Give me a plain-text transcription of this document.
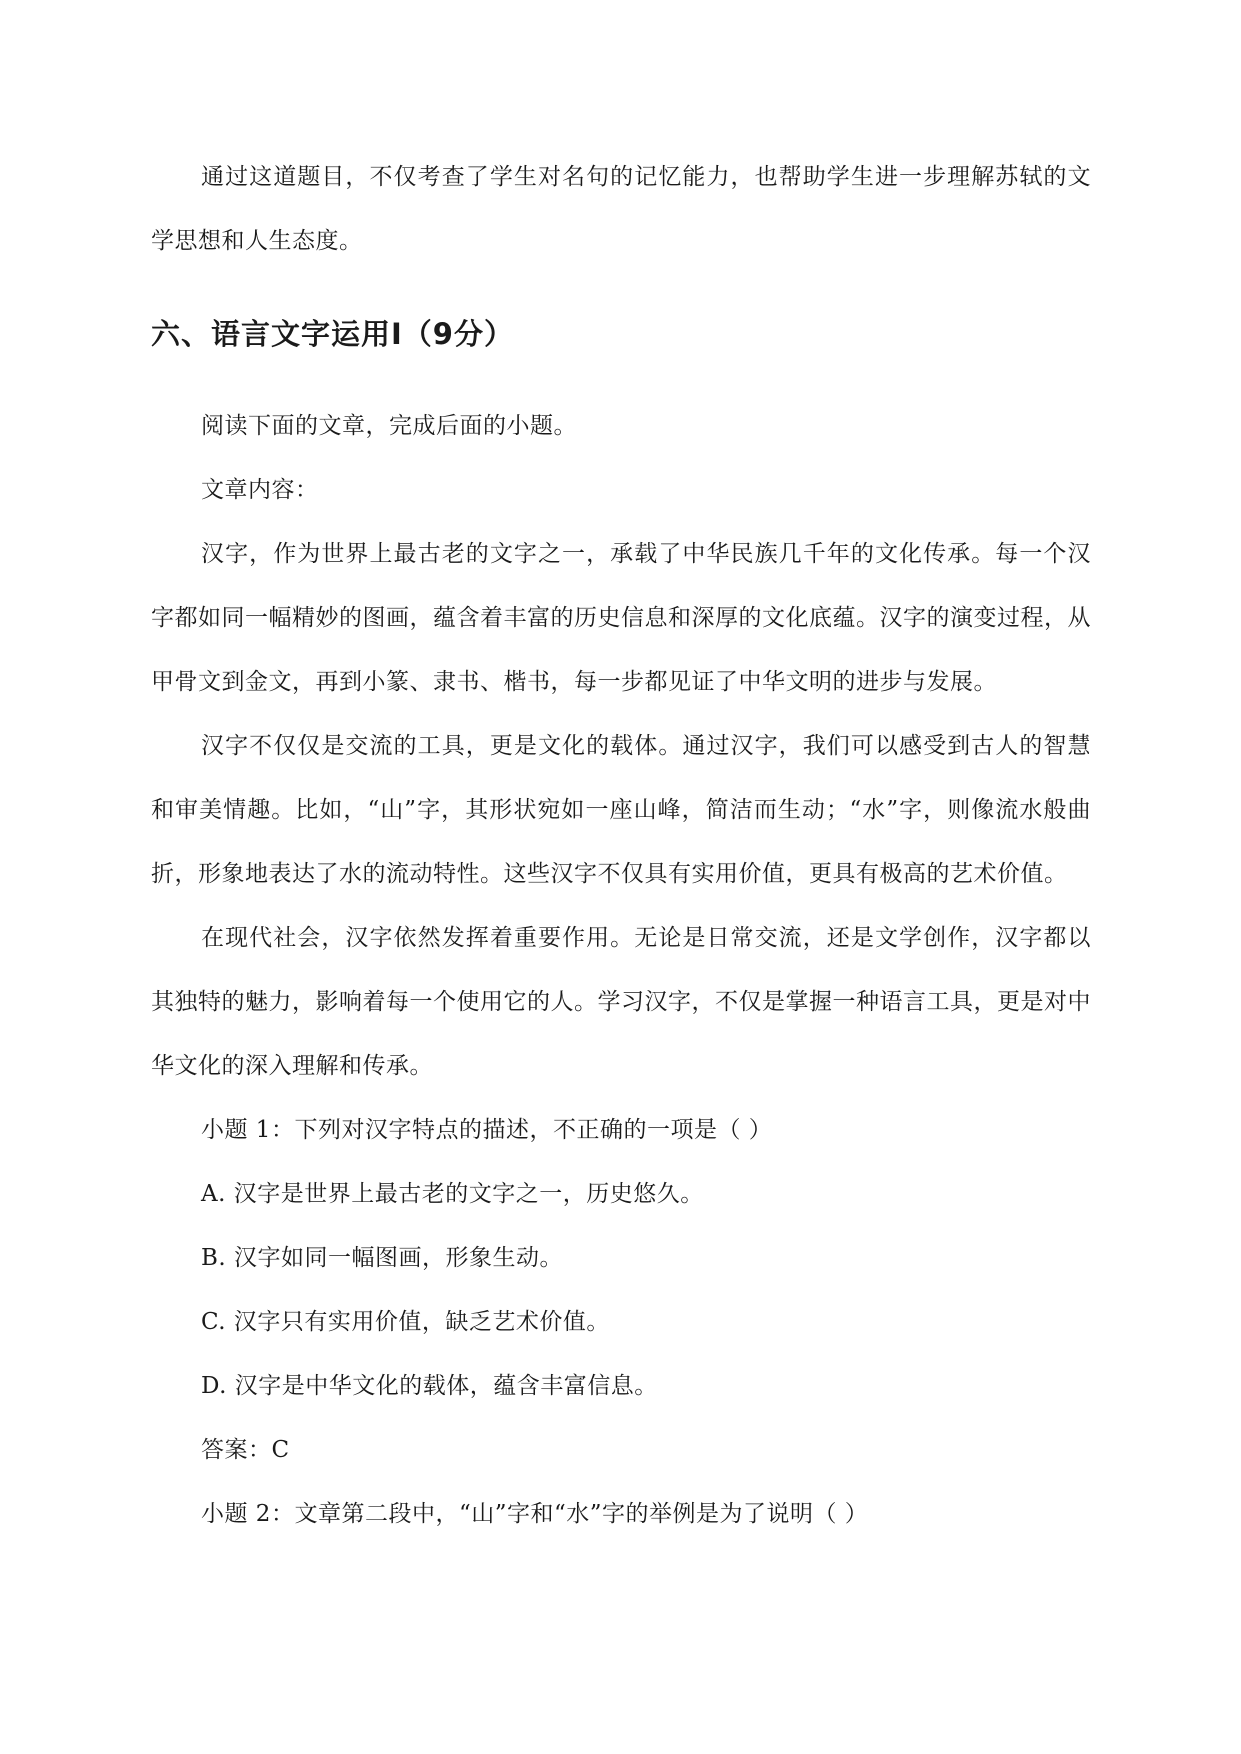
通过这道题目，不仅考查了学生对名句的记忆能力，也帮助学生进一步理解苏轼的文学思想和人生态度。

六、语言文字运用Ⅰ（9分）

阅读下面的文章，完成后面的小题。

文章内容：

汉字，作为世界上最古老的文字之一，承载了中华民族几千年的文化传承。每一个汉字都如同一幅精妙的图画，蕴含着丰富的历史信息和深厚的文化底蕴。汉字的演变过程，从甲骨文到金文，再到小篆、隶书、楷书，每一步都见证了中华文明的进步与发展。

汉字不仅仅是交流的工具，更是文化的载体。通过汉字，我们可以感受到古人的智慧和审美情趣。比如，“山”字，其形状宛如一座山峰，简洁而生动；“水”字，则像流水般曲折，形象地表达了水的流动特性。这些汉字不仅具有实用价值，更具有极高的艺术价值。

在现代社会，汉字依然发挥着重要作用。无论是日常交流，还是文学创作，汉字都以其独特的魅力，影响着每一个使用它的人。学习汉字，不仅是掌握一种语言工具，更是对中华文化的深入理解和传承。

小题 1：下列对汉字特点的描述，不正确的一项是（ ）

A. 汉字是世界上最古老的文字之一，历史悠久。

B. 汉字如同一幅图画，形象生动。

C. 汉字只有实用价值，缺乏艺术价值。

D. 汉字是中华文化的载体，蕴含丰富信息。

答案：C

小题 2：文章第二段中，“山”字和“水”字的举例是为了说明（ ）
